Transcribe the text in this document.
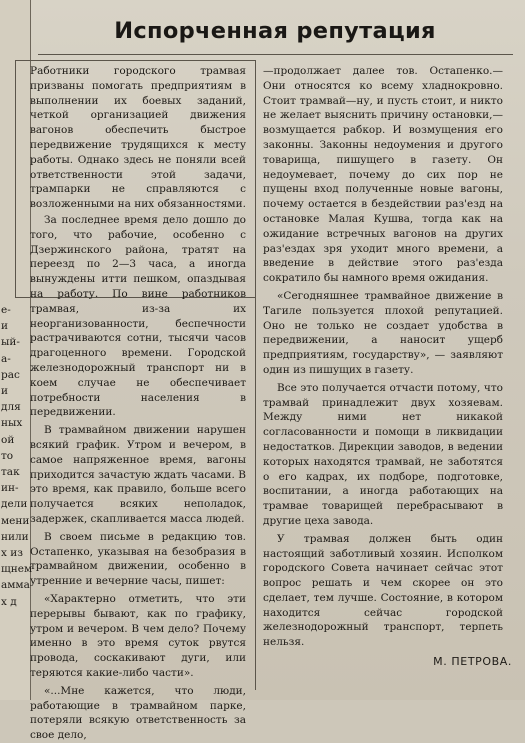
е-
и
ый-
а-
рас
и
для
ных
ой
то
так
ин-
дели
мени
нили
х из
щнем
амма
х д
Испорченная репутация

Работники городского трамвая призваны помогать предприятиям в выполнении их боевых заданий, четкой организацией движения вагонов обеспечить быстрое передвижение трудящихся к месту работы. Однако здесь не поняли всей ответственности этой задачи, трампарки не справляются с возложенными на них обязанностями.

За последнее время дело дошло до того, что рабочие, особенно с Дзержинского района, тратят на переезд по 2—3 часа, а иногда вынуждены итти пешком, опаздывая на работу. По вине работников трамвая, из-за их неорганизованности, беспечности растрачиваются сотни, тысячи часов драгоценного времени. Городской железнодорожный транспорт ни в коем случае не обеспечивает потребности населения в передвижении.

В трамвайном движении нарушен всякий график. Утром и вечером, в самое напряженное время, вагоны приходится зачастую ждать часами. В это время, как правило, больше всего получается всяких неполадок, задержек, скапливается масса людей.

В своем письме в редакцию тов. Остапенко, указывая на безобразия в трамвайном движении, особенно в утренние и вечерние часы, пишет:

«Характерно отметить, что эти перерывы бывают, как по графику, утром и вечером. В чем дело? Почему именно в это время суток рвутся провода, соскакивают дуги, или теряются какие-либо части».

«...Мне кажется, что люди, работающие в трамвайном парке, потеряли всякую ответственность за свое дело,

—продолжает далее тов. Остапенко.— Они относятся ко всему хладнокровно. Стоит трамвай—ну, и пусть стоит, и никто не желает выяснить причину остановки,—возмущается рабкор. И возмущения его законны. Законны недоумения и другого товарища, пишущего в газету. Он недоумевает, почему до сих пор не пущены вход полученные новые вагоны, почему остается в бездействии раз'езд на остановке Малая Кушва, тогда как на ожидание встречных вагонов на других раз'ездах зря уходит много времени, а введение в действие этого раз'езда сократило бы намного время ожидания.

«Сегодняшнее трамвайное движение в Тагиле пользуется плохой репутацией. Оно не только не создает удобства в передвижении, а наносит ущерб предприятиям, государству», — заявляют один из пишущих в газету.

Все это получается отчасти потому, что трамвай принадлежит двух хозяевам. Между ними нет никакой согласованности и помощи в ликвидации недостатков. Дирекции заводов, в ведении которых находятся трамвай, не заботятся о его кадрах, их подборе, подготовке, воспитании, а иногда работающих на трамвае товарищей перебрасывают в другие цеха завода.

У трамвая должен быть один настоящий заботливый хозяин. Исполком городского Совета начинает сейчас этот вопрос решать и чем скорее он это сделает, тем лучше. Состояние, в котором находится сейчас городской железнодорожный транспорт, терпеть нельзя.

М. ПЕТРОВА.
